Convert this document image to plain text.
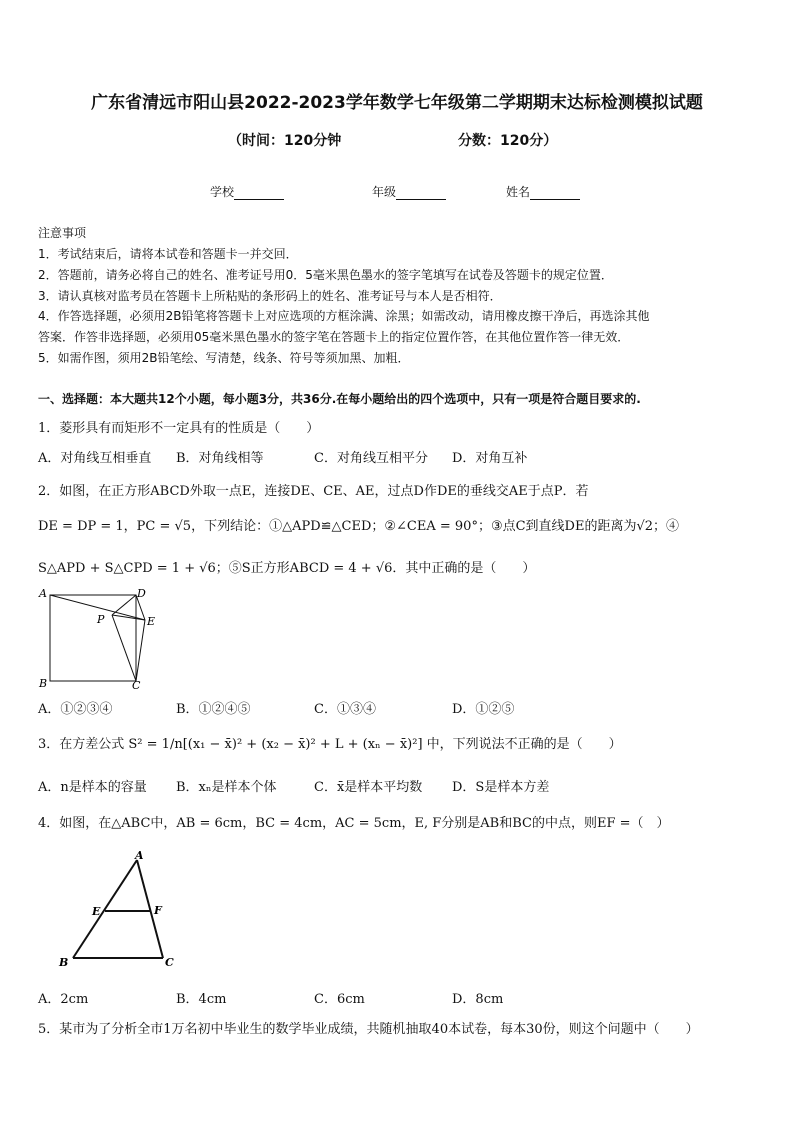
广东省清远市阳山县2022-2023学年数学七年级第二学期期末达标检测模拟试题
（时间：120分钟	分数：120分）
学校	年级	姓名
注意事项
1．考试结束后，请将本试卷和答题卡一并交回．
2．答题前，请务必将自己的姓名、准考证号用0．5毫米黑色墨水的签字笔填写在试卷及答题卡的规定位置．
3．请认真核对监考员在答题卡上所粘贴的条形码上的姓名、准考证号与本人是否相符．
4．作答选择题，必须用2B铅笔将答题卡上对应选项的方框涂满、涂黑；如需改动，请用橡皮擦干净后，再选涂其他
答案．作答非选择题，必须用05毫米黑色墨水的签字笔在答题卡上的指定位置作答，在其他位置作答一律无效．
5．如需作图，须用2B铅笔绘、写清楚，线条、符号等须加黑、加粗．
一、选择题：本大题共12个小题，每小题3分，共36分.在每小题给出的四个选项中，只有一项是符合题目要求的.
1．菱形具有而矩形不一定具有的性质是（　　）
A．对角线互相垂直 B．对角线相等	C．对角线互相平分 D．对角互补
2．如图，在正方形ABCD外取一点E，连接DE、CE、AE，过点D作DE的垂线交AE于点P．若
DE = DP = 1，PC = √5，下列结论：①△APD≌△CED；②∠CEA = 90°；③点C到直线DE的距离为√2；④
S△APD + S△CPD = 1 + √6；⑤S正方形ABCD = 4 + √6．其中正确的是（　　）
A	D
P	E
B	C
A．①②③④	B．①②④⑤	C．①③④	D．①②⑤
3．在方差公式 S² = 1/n[(x₁ − x̄)² + (x₂ − x̄)² + L + (xₙ − x̄)²] 中，下列说法不正确的是（　　）
A．n是样本的容量 B．xₙ是样本个体	C．x̄是样本平均数 D．S是样本方差
4．如图，在△ABC中，AB = 6cm，BC = 4cm，AC = 5cm，E, F分别是AB和BC的中点，则EF =（　）
A
E	F
B	C
A．2cm	B．4cm	C．6cm	D．8cm
5．某市为了分析全市1万名初中毕业生的数学毕业成绩，共随机抽取40本试卷，每本30份，则这个问题中（　　）
